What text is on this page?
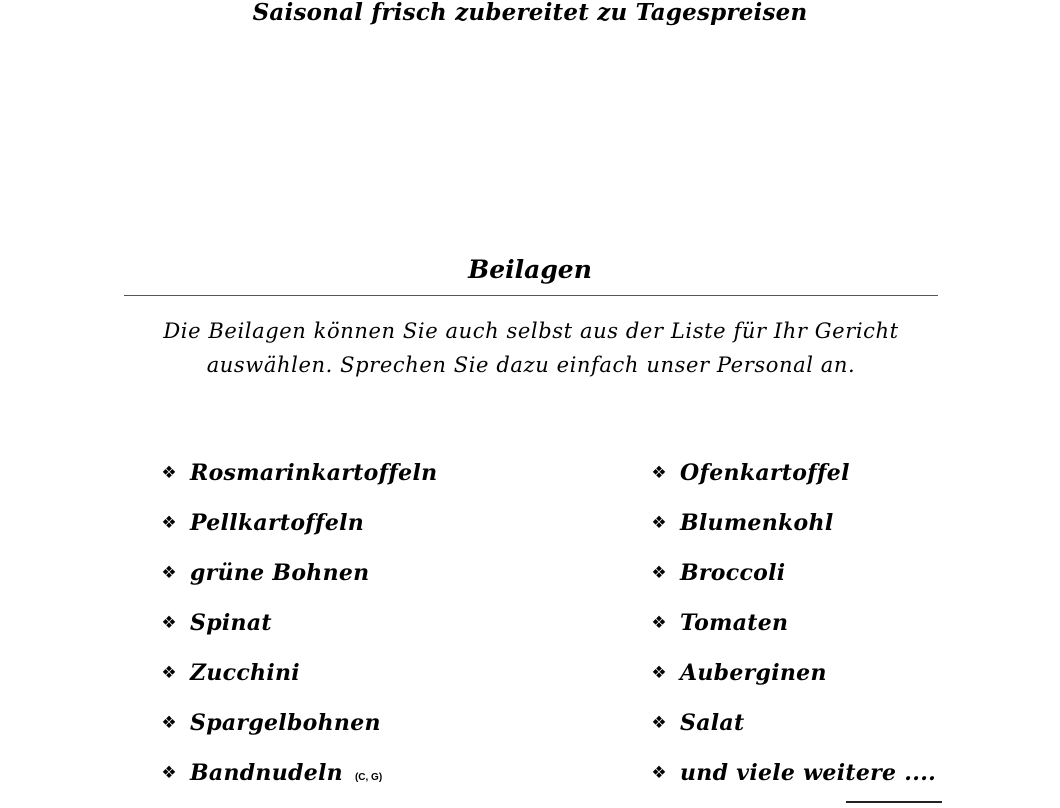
Saisonal frisch zubereitet zu Tagespreisen
Beilagen
Die Beilagen können Sie auch selbst aus der Liste für Ihr Gericht
auswählen. Sprechen Sie dazu einfach unser Personal an.
❖ Rosmarinkartoffeln
❖ Pellkartoffeln
❖ grüne Bohnen
❖ Spinat
❖ Zucchini
❖ Spargelbohnen
❖ Bandnudeln (C, G)
❖ Ofenkartoffel
❖ Blumenkohl
❖ Broccoli
❖ Tomaten
❖ Auberginen
❖ Salat
❖ und viele weitere ....
